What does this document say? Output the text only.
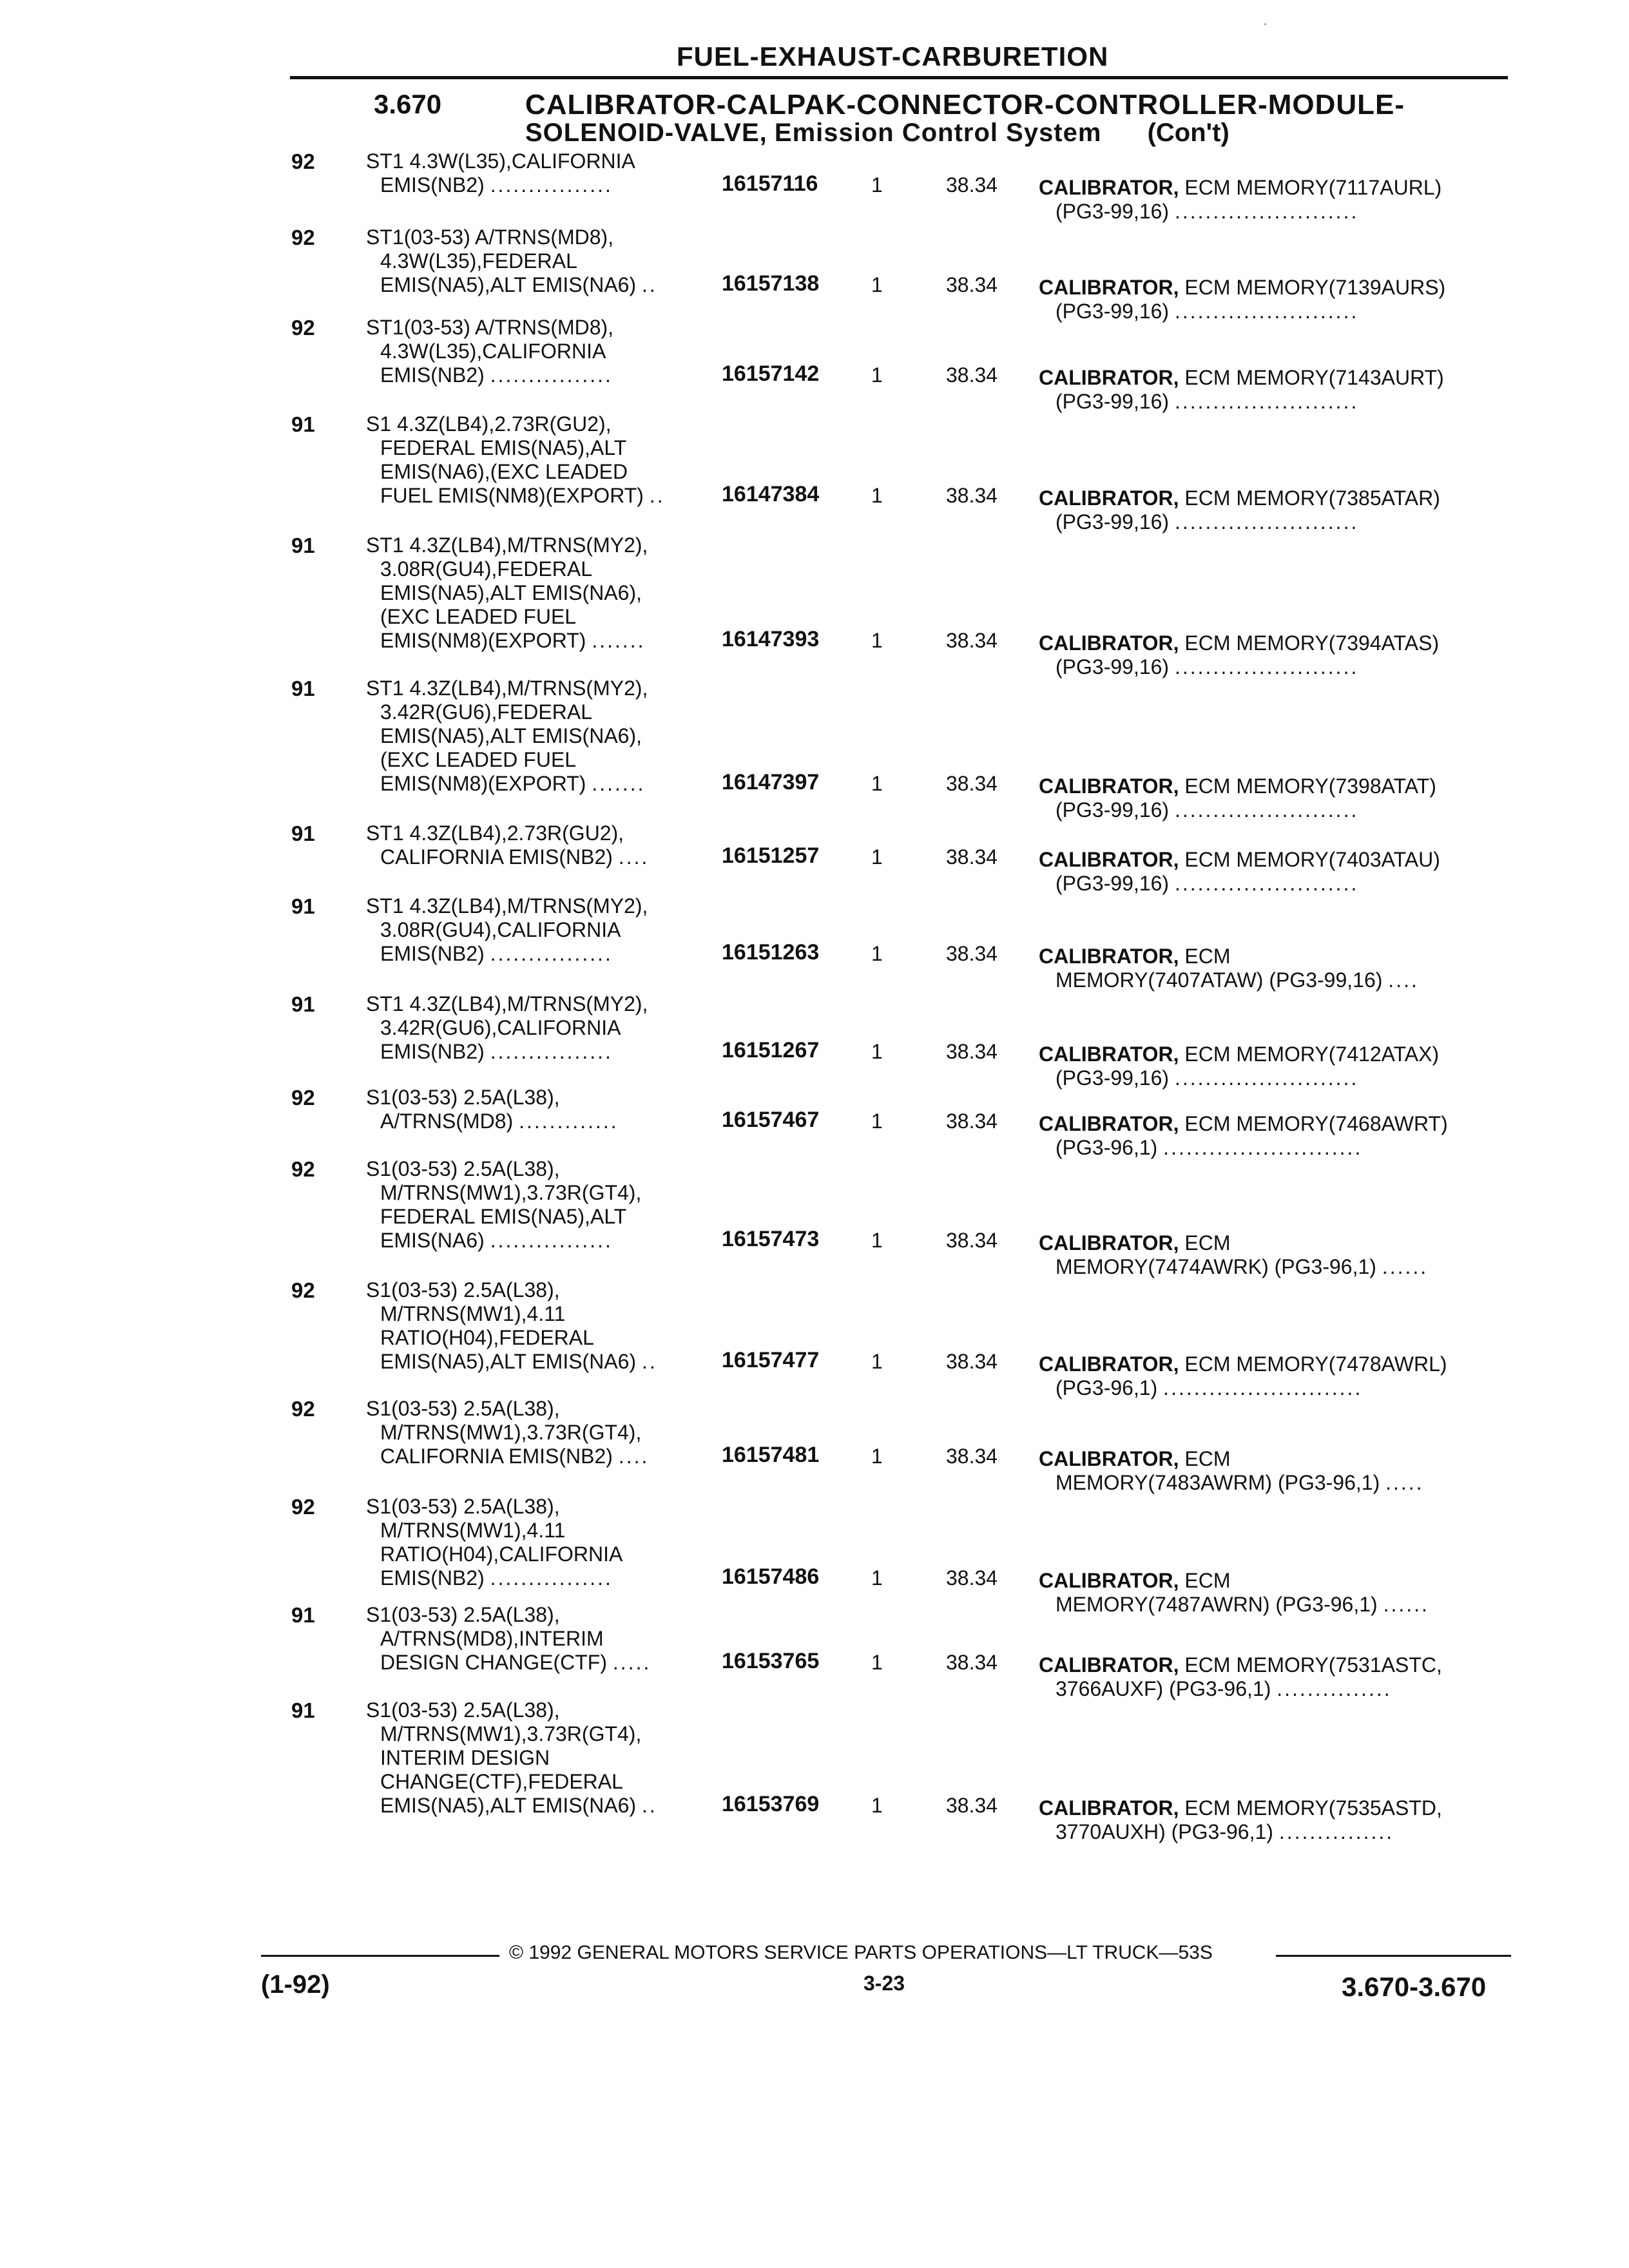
FUEL-EXHAUST-CARBURETION
3.670	CALIBRATOR-CALPAK-CONNECTOR-CONTROLLER-MODULE-
SOLENOID-VALVE, Emission Control System (Con't)
92 ST1 4.3W(L35),CALIFORNIA
EMIS(NB2) ................	16157116	1	38.34 CALIBRATOR, ECM MEMORY(7117AURL)
(PG3-99,16) ........................
92 ST1(03-53) A/TRNS(MD8),
4.3W(L35),FEDERAL
EMIS(NA5),ALT EMIS(NA6) ..	16157138	1	38.34 CALIBRATOR, ECM MEMORY(7139AURS)
(PG3-99,16) ........................
92 ST1(03-53) A/TRNS(MD8),
4.3W(L35),CALIFORNIA
EMIS(NB2) ................	16157142	1	38.34 CALIBRATOR, ECM MEMORY(7143AURT)
(PG3-99,16) ........................
91 S1 4.3Z(LB4),2.73R(GU2),
FEDERAL EMIS(NA5),ALT
EMIS(NA6),(EXC LEADED
FUEL EMIS(NM8)(EXPORT) ..	16147384	1	38.34 CALIBRATOR, ECM MEMORY(7385ATAR)
(PG3-99,16) ........................
91 ST1 4.3Z(LB4),M/TRNS(MY2),
3.08R(GU4),FEDERAL
EMIS(NA5),ALT EMIS(NA6),
(EXC LEADED FUEL
EMIS(NM8)(EXPORT) .......	16147393	1	38.34 CALIBRATOR, ECM MEMORY(7394ATAS)
(PG3-99,16) ........................
91 ST1 4.3Z(LB4),M/TRNS(MY2),
3.42R(GU6),FEDERAL
EMIS(NA5),ALT EMIS(NA6),
(EXC LEADED FUEL
EMIS(NM8)(EXPORT) .......	16147397	1	38.34 CALIBRATOR, ECM MEMORY(7398ATAT)
(PG3-99,16) ........................
91 ST1 4.3Z(LB4),2.73R(GU2),
CALIFORNIA EMIS(NB2) ....	16151257	1	38.34 CALIBRATOR, ECM MEMORY(7403ATAU)
(PG3-99,16) ........................
91 ST1 4.3Z(LB4),M/TRNS(MY2),
3.08R(GU4),CALIFORNIA
EMIS(NB2) ................	16151263	1	38.34 CALIBRATOR, ECM
MEMORY(7407ATAW) (PG3-99,16) ....
91 ST1 4.3Z(LB4),M/TRNS(MY2),
3.42R(GU6),CALIFORNIA
EMIS(NB2) ................	16151267	1	38.34 CALIBRATOR, ECM MEMORY(7412ATAX)
(PG3-99,16) ........................
92 S1(03-53) 2.5A(L38),
A/TRNS(MD8) .............	16157467	1	38.34 CALIBRATOR, ECM MEMORY(7468AWRT)
(PG3-96,1) ..........................
92 S1(03-53) 2.5A(L38),
M/TRNS(MW1),3.73R(GT4),
FEDERAL EMIS(NA5),ALT
EMIS(NA6) ................	16157473	1	38.34 CALIBRATOR, ECM
MEMORY(7474AWRK) (PG3-96,1) ......
92 S1(03-53) 2.5A(L38),
M/TRNS(MW1),4.11
RATIO(H04),FEDERAL
EMIS(NA5),ALT EMIS(NA6) ..	16157477	1	38.34 CALIBRATOR, ECM MEMORY(7478AWRL)
(PG3-96,1) ..........................
92 S1(03-53) 2.5A(L38),
M/TRNS(MW1),3.73R(GT4),
CALIFORNIA EMIS(NB2) ....	16157481	1	38.34 CALIBRATOR, ECM
MEMORY(7483AWRM) (PG3-96,1) .....
92 S1(03-53) 2.5A(L38),
M/TRNS(MW1),4.11
RATIO(H04),CALIFORNIA
EMIS(NB2) ................	16157486	1	38.34 CALIBRATOR, ECM
MEMORY(7487AWRN) (PG3-96,1) ......
91 S1(03-53) 2.5A(L38),
A/TRNS(MD8),INTERIM
DESIGN CHANGE(CTF) .....	16153765	1	38.34 CALIBRATOR, ECM MEMORY(7531ASTC,
3766AUXF) (PG3-96,1) ...............
91 S1(03-53) 2.5A(L38),
M/TRNS(MW1),3.73R(GT4),
INTERIM DESIGN
CHANGE(CTF),FEDERAL
EMIS(NA5),ALT EMIS(NA6) ..	16153769	1	38.34 CALIBRATOR, ECM MEMORY(7535ASTD,
3770AUXH) (PG3-96,1) ...............
© 1992 GENERAL MOTORS SERVICE PARTS OPERATIONS—LT TRUCK—53S
(1-92)	3-23	3.670-3.670
